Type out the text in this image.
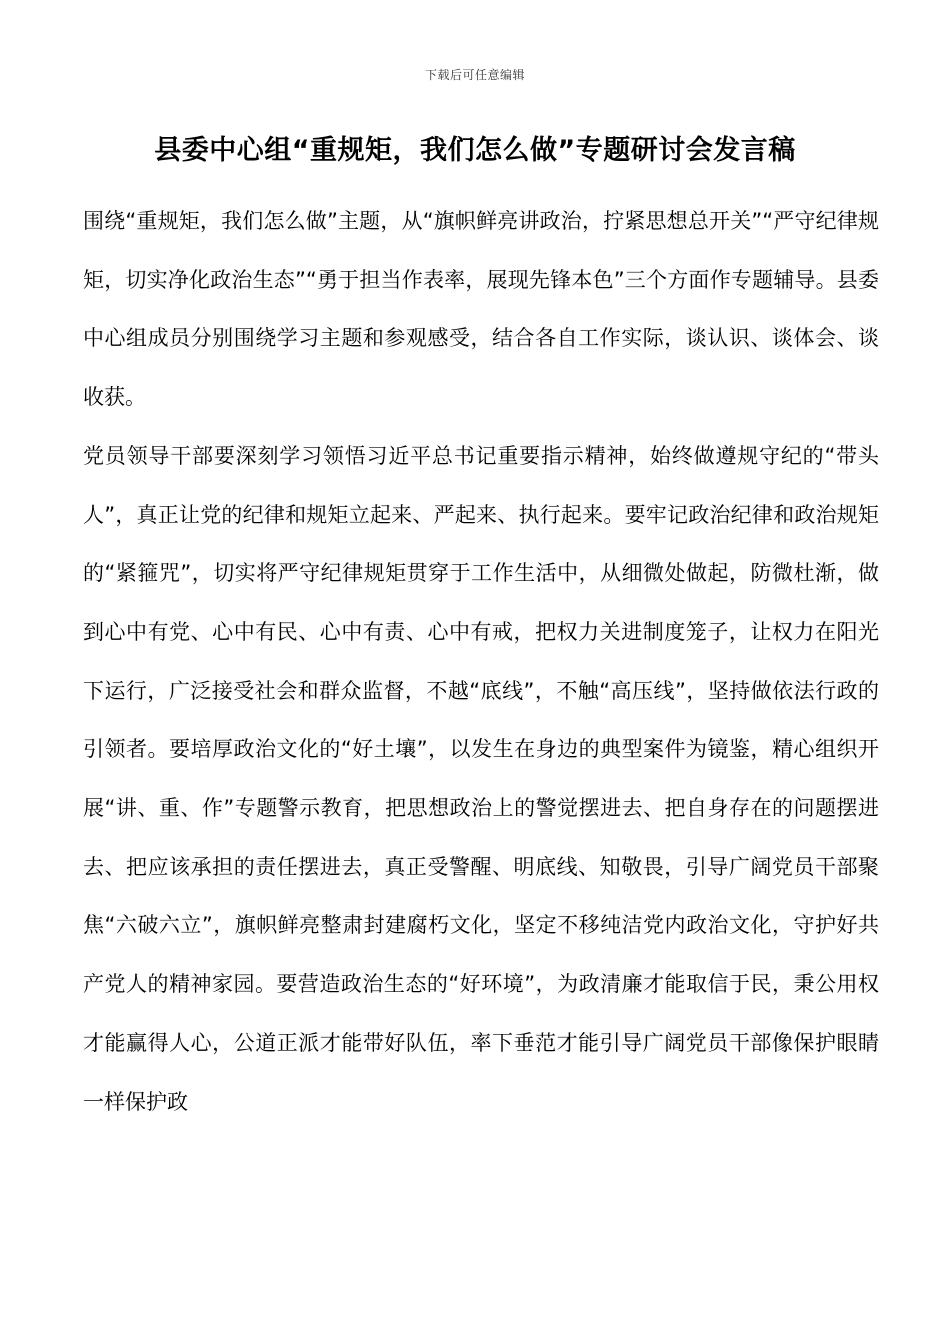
下载后可任意编辑
县委中心组“重规矩，我们怎么做”专题研讨会发言稿

围绕“重规矩，我们怎么做”主题，从“旗帜鲜亮讲政治，拧紧思想总开关”“严守纪律规矩，切实净化政治生态”“勇于担当作表率，展现先锋本色”三个方面作专题辅导。县委中心组成员分别围绕学习主题和参观感受，结合各自工作实际，谈认识、谈体会、谈收获。

党员领导干部要深刻学习领悟习近平总书记重要指示精神，始终做遵规守纪的“带头人”，真正让党的纪律和规矩立起来、严起来、执行起来。要牢记政治纪律和政治规矩的“紧箍咒”，切实将严守纪律规矩贯穿于工作生活中，从细微处做起，防微杜渐，做到心中有党、心中有民、心中有责、心中有戒，把权力关进制度笼子，让权力在阳光下运行，广泛接受社会和群众监督，不越“底线”，不触“高压线”，坚持做依法行政的引领者。要培厚政治文化的“好土壤”，以发生在身边的典型案件为镜鉴，精心组织开展“讲、重、作”专题警示教育，把思想政治上的警觉摆进去、把自身存在的问题摆进去、把应该承担的责任摆进去，真正受警醒、明底线、知敬畏，引导广阔党员干部聚焦“六破六立”，旗帜鲜亮整肃封建腐朽文化，坚定不移纯洁党内政治文化，守护好共产党人的精神家园。要营造政治生态的“好环境”，为政清廉才能取信于民，秉公用权才能赢得人心，公道正派才能带好队伍，率下垂范才能引导广阔党员干部像保护眼睛一样保护政
